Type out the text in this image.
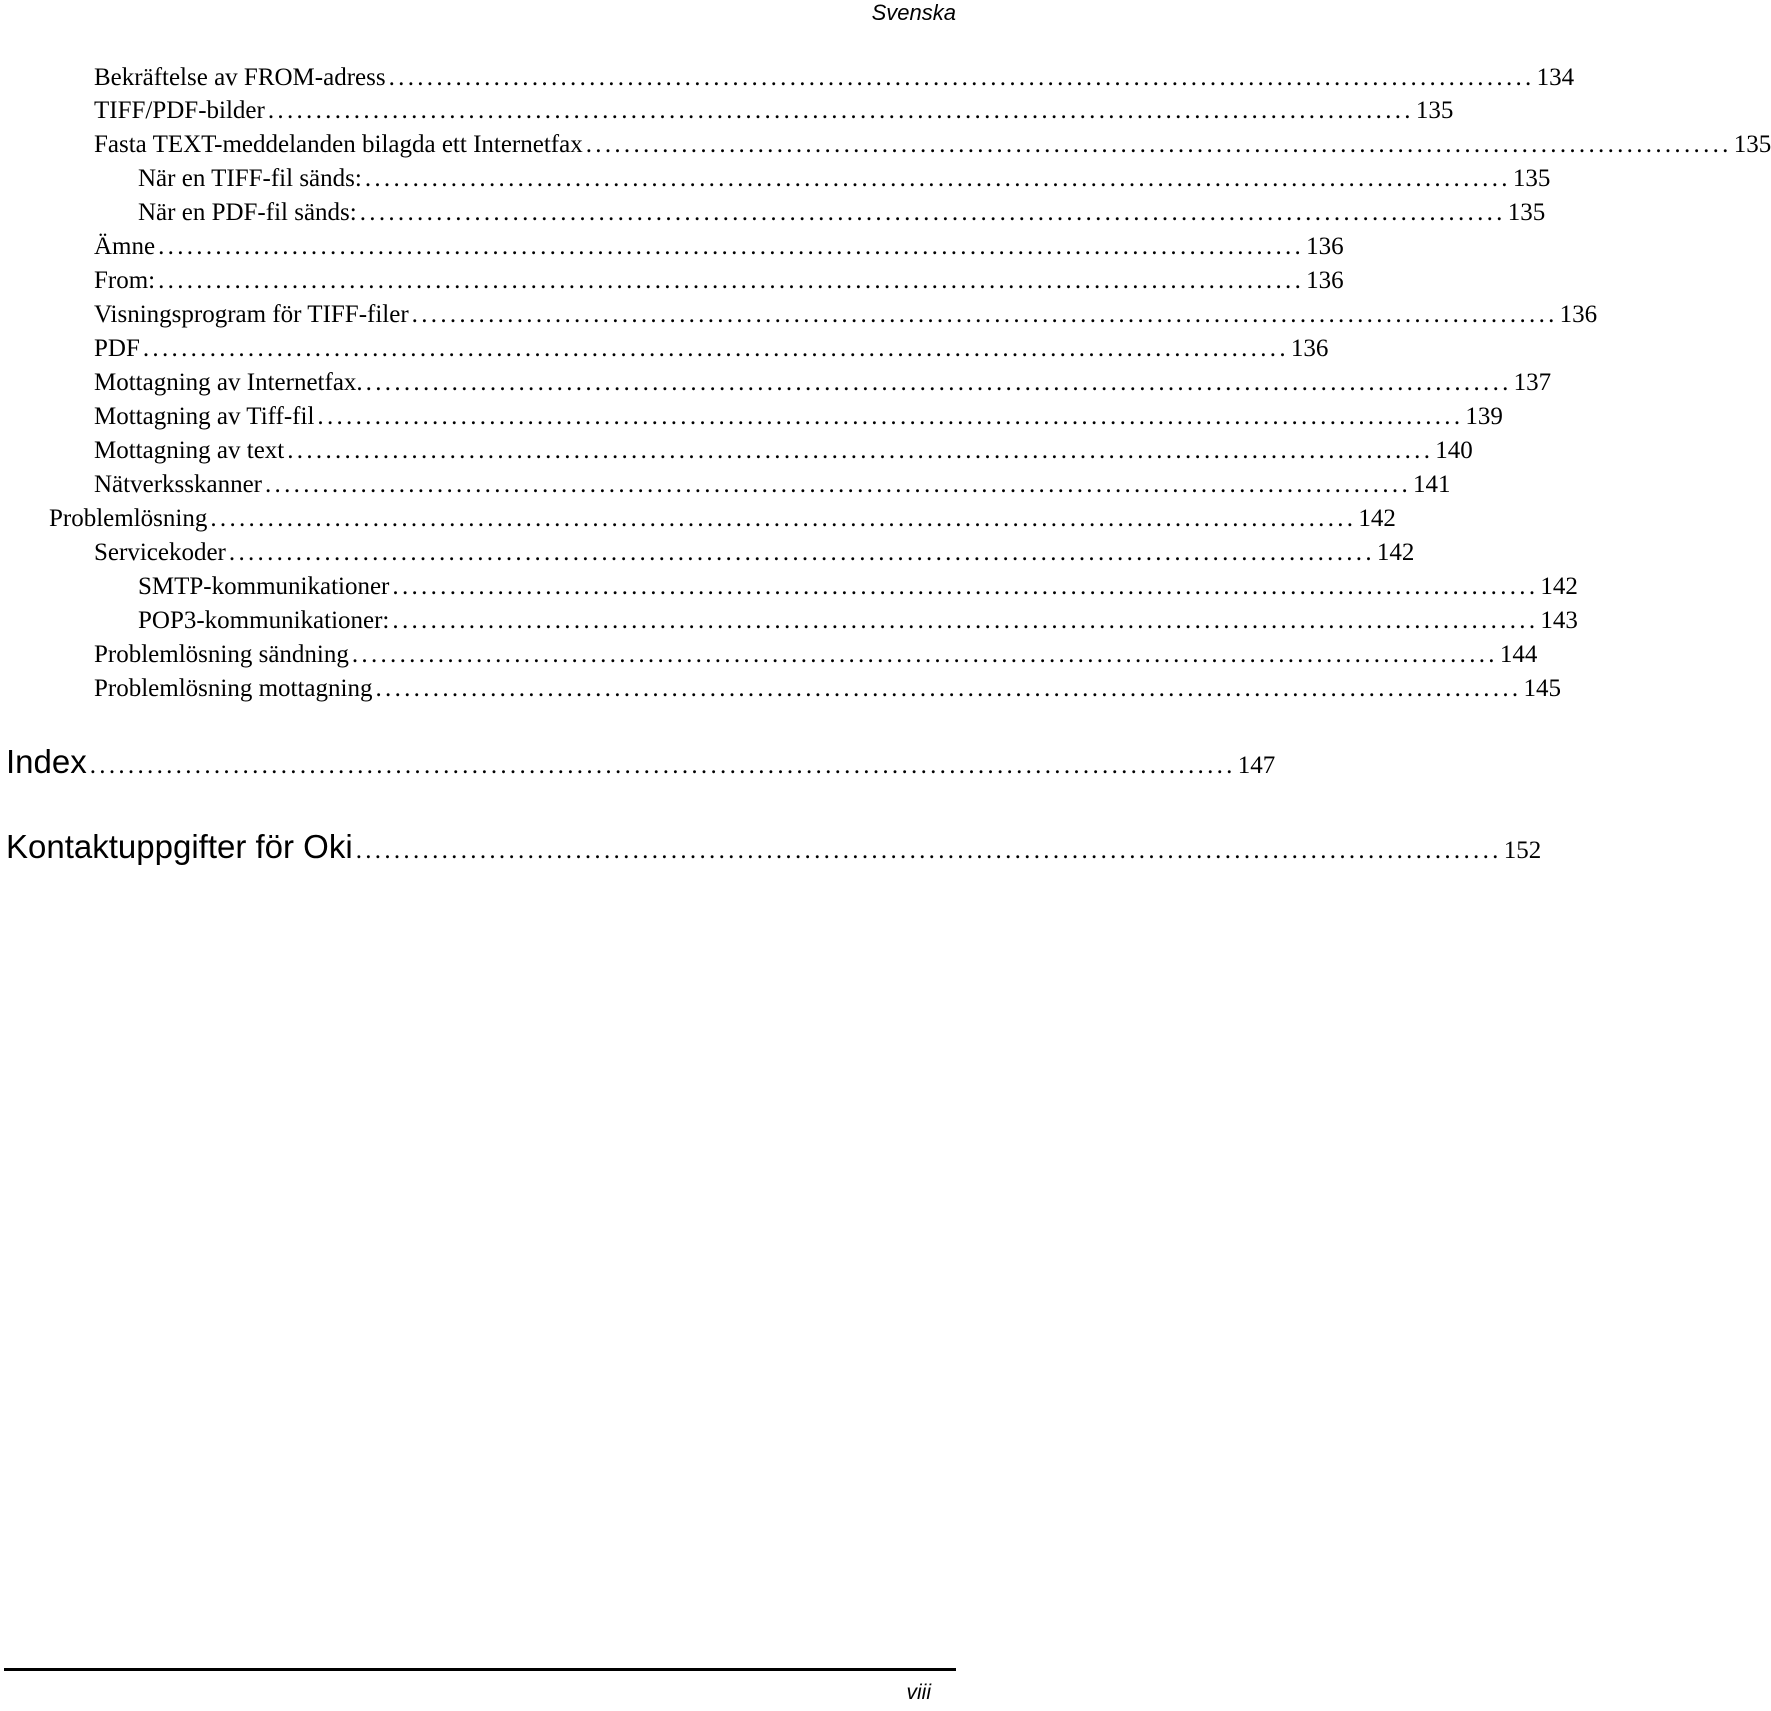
Svenska
Bekräftelse av FROM-adress ........................................................................................................................ 134
TIFF/PDF-bilder ........................................................................................................................ 135
Fasta TEXT-meddelanden bilagda ett Internetfax ........................................................................................................................ 135
När en TIFF-fil sänds: ........................................................................................................................ 135
När en PDF-fil sänds: ........................................................................................................................ 135
Ämne ........................................................................................................................ 136
From: ........................................................................................................................ 136
Visningsprogram för TIFF-filer ........................................................................................................................ 136
PDF ........................................................................................................................ 136
Mottagning av Internetfax. ........................................................................................................................ 137
Mottagning av Tiff-fil ........................................................................................................................ 139
Mottagning av text ........................................................................................................................ 140
Nätverksskanner ........................................................................................................................ 141
Problemlösning ........................................................................................................................ 142
Servicekoder ........................................................................................................................ 142
SMTP-kommunikationer ........................................................................................................................ 142
POP3-kommunikationer: ........................................................................................................................ 143
Problemlösning sändning ........................................................................................................................ 144
Problemlösning mottagning ........................................................................................................................ 145
Index ........................................................................................................................ 147
Kontaktuppgifter för Oki ........................................................................................................................ 152
viii
